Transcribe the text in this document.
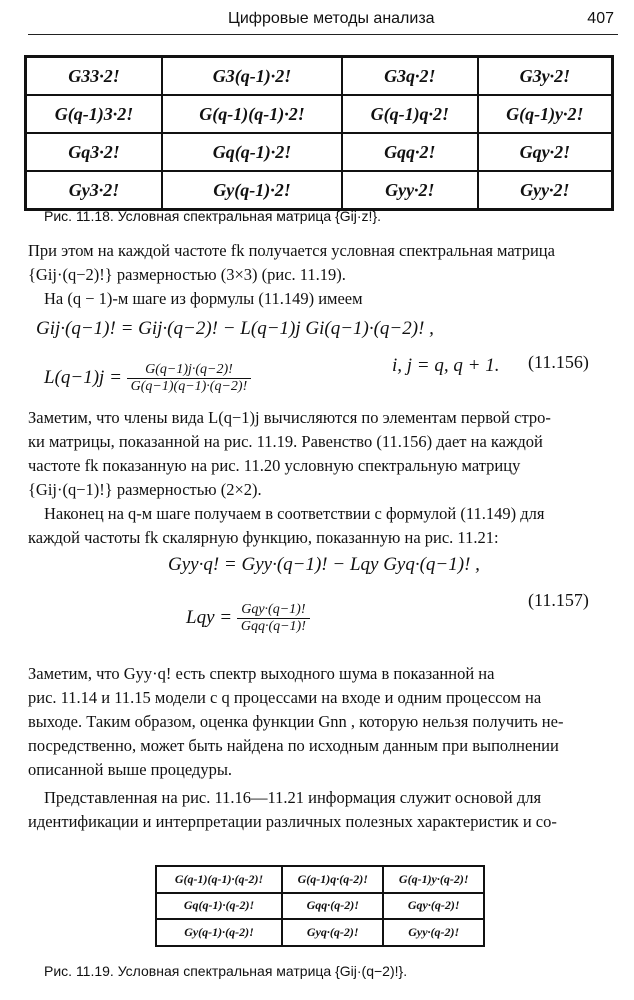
Цифровые методы анализа	407
G33·2!	G3(q-1)·2!	G3q·2!	G3y·2!
G(q-1)3·2!	G(q-1)(q-1)·2!	G(q-1)q·2!	G(q-1)y·2!
Gq3·2!	Gq(q-1)·2!	Gqq·2!	Gqy·2!
Gy3·2!	Gy(q-1)·2!	Gyy·2!	Gyy·2!
Рис. 11.18. Условная спектральная матрица {Gij·z!}.
При этом на каждой частоте fk получается условная спектральная матрица
{Gij·(q−2)!} размерностью (3×3) (рис. 11.19).
На (q − 1)-м шаге из формулы (11.149) имеем
Gij·(q−1)! = Gij·(q−2)! − L(q−1)j Gi(q−1)·(q−2)! ,
$L(q-1)j = \frac{G(q-1)j\cdot(q-2)!}{G(q-1)(q-1)\cdot(q-2)!}$	i, j = q, q + 1. (11.156)
Заметим, что члены вида L(q−1)j вычисляются по элементам первой стро-
ки матрицы, показанной на рис. 11.19. Равенство (11.156) дает на каждой
частоте fk показанную на рис. 11.20 условную спектральную матрицу
{Gij·(q−1)!} размерностью (2×2).
Наконец на q-м шаге получаем в соответствии с формулой (11.149) для
каждой частоты fk скалярную функцию, показанную на рис. 11.21:
Gyy·q! = Gyy·(q−1)! − Lqy Gyq·(q−1)! ,
Lqy = $\frac{\text{Gqy·(q−1)!}}{\text{Gqq·(q−1)!}}$
(11.157)
Заметим, что Gyy·q! есть спектр выходного шума в показанной на
рис. 11.14 и 11.15 модели с q процессами на входе и одним процессом на
выходе. Таким образом, оценка функции Gnn , которую нельзя получить не-
посредственно, может быть найдена по исходным данным при выполнении
описанной выше процедуры.
Представленная на рис. 11.16—11.21 информация служит основой для
идентификации и интерпретации различных полезных характеристик и со-
G(q-1)(q-1)·(q-2)!	G(q-1)q·(q-2)!	G(q-1)y·(q-2)!
Gq(q-1)·(q-2)!	Gqq·(q-2)!	Gqy·(q-2)!
Gy(q-1)·(q-2)!	Gyq·(q-2)!	Gyy·(q-2)!
Рис. 11.19. Условная спектральная матрица {Gij·(q−2)!}.
